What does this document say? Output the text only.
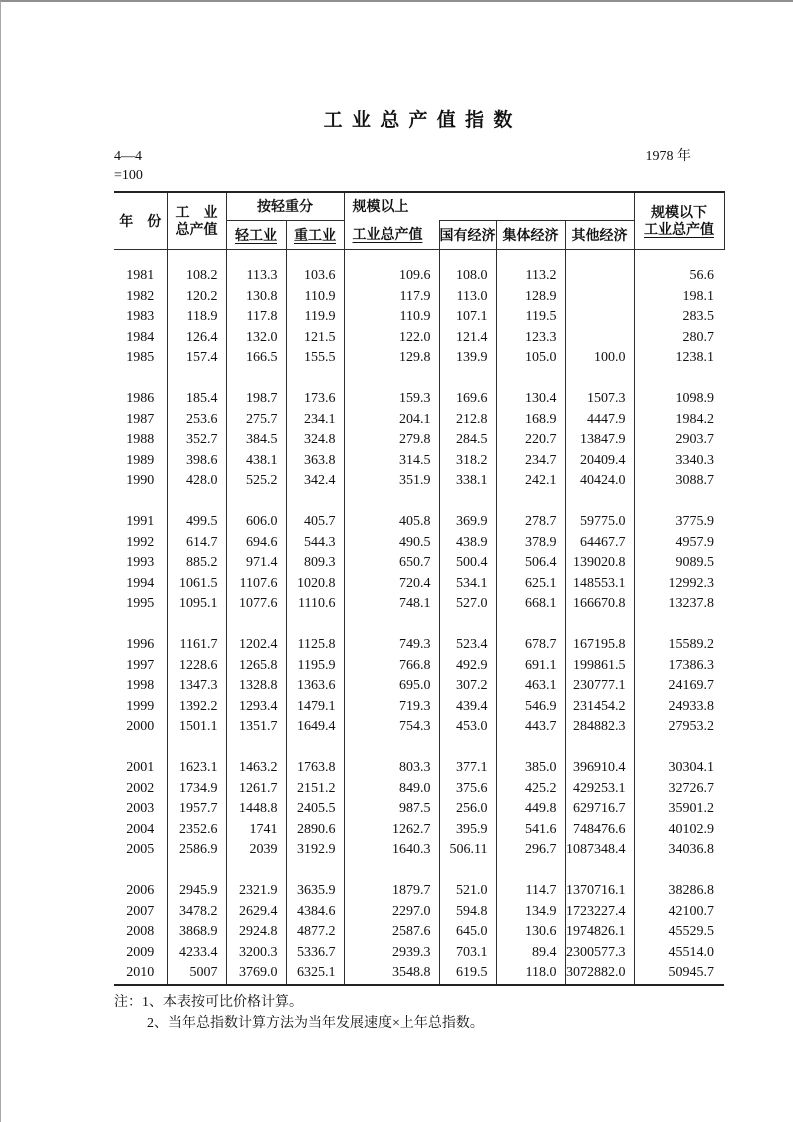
工 业 总 产 值 指 数
4—4	1978 年
=100
年　份	
工　业
总产值
	按轻重分	规模以上		规模以下
工业总产值

		轻工业	重工业	工业总产值	国有经济	集体经济	其他经济	

1981	108.2	113.3	103.6	109.6	108.0	113.2		56.6
1982	120.2	130.8	110.9	117.9	113.0	128.9		198.1
1983	118.9	117.8	119.9	110.9	107.1	119.5		283.5
1984	126.4	132.0	121.5	122.0	121.4	123.3		280.7
1985	157.4	166.5	155.5	129.8	139.9	105.0	100.0	1238.1

1986	185.4	198.7	173.6	159.3	169.6	130.4	1507.3	1098.9
1987	253.6	275.7	234.1	204.1	212.8	168.9	4447.9	1984.2
1988	352.7	384.5	324.8	279.8	284.5	220.7	13847.9	2903.7
1989	398.6	438.1	363.8	314.5	318.2	234.7	20409.4	3340.3
1990	428.0	525.2	342.4	351.9	338.1	242.1	40424.0	3088.7

1991	499.5	606.0	405.7	405.8	369.9	278.7	59775.0	3775.9
1992	614.7	694.6	544.3	490.5	438.9	378.9	64467.7	4957.9
1993	885.2	971.4	809.3	650.7	500.4	506.4	139020.8	9089.5
1994	1061.5	1107.6	1020.8	720.4	534.1	625.1	148553.1	12992.3
1995	1095.1	1077.6	1110.6	748.1	527.0	668.1	166670.8	13237.8

1996	1161.7	1202.4	1125.8	749.3	523.4	678.7	167195.8	15589.2
1997	1228.6	1265.8	1195.9	766.8	492.9	691.1	199861.5	17386.3
1998	1347.3	1328.8	1363.6	695.0	307.2	463.1	230777.1	24169.7
1999	1392.2	1293.4	1479.1	719.3	439.4	546.9	231454.2	24933.8
2000	1501.1	1351.7	1649.4	754.3	453.0	443.7	284882.3	27953.2

2001	1623.1	1463.2	1763.8	803.3	377.1	385.0	396910.4	30304.1
2002	1734.9	1261.7	2151.2	849.0	375.6	425.2	429253.1	32726.7
2003	1957.7	1448.8	2405.5	987.5	256.0	449.8	629716.7	35901.2
2004	2352.6	1741	2890.6	1262.7	395.9	541.6	748476.6	40102.9
2005	2586.9	2039	3192.9	1640.3	506.11	296.7	1087348.4	34036.8

2006	2945.9	2321.9	3635.9	1879.7	521.0	114.7	1370716.1	38286.8
2007	3478.2	2629.4	4384.6	2297.0	594.8	134.9	1723227.4	42100.7
2008	3868.9	2924.8	4877.2	2587.6	645.0	130.6	1974826.1	45529.5
2009	4233.4	3200.3	5336.7	2939.3	703.1	89.4	2300577.3	45514.0
2010	5007	3769.0	6325.1	3548.8	619.5	118.0	3072882.0	50945.7
注：1、本表按可比价格计算。
2、当年总指数计算方法为当年发展速度×上年总指数。
